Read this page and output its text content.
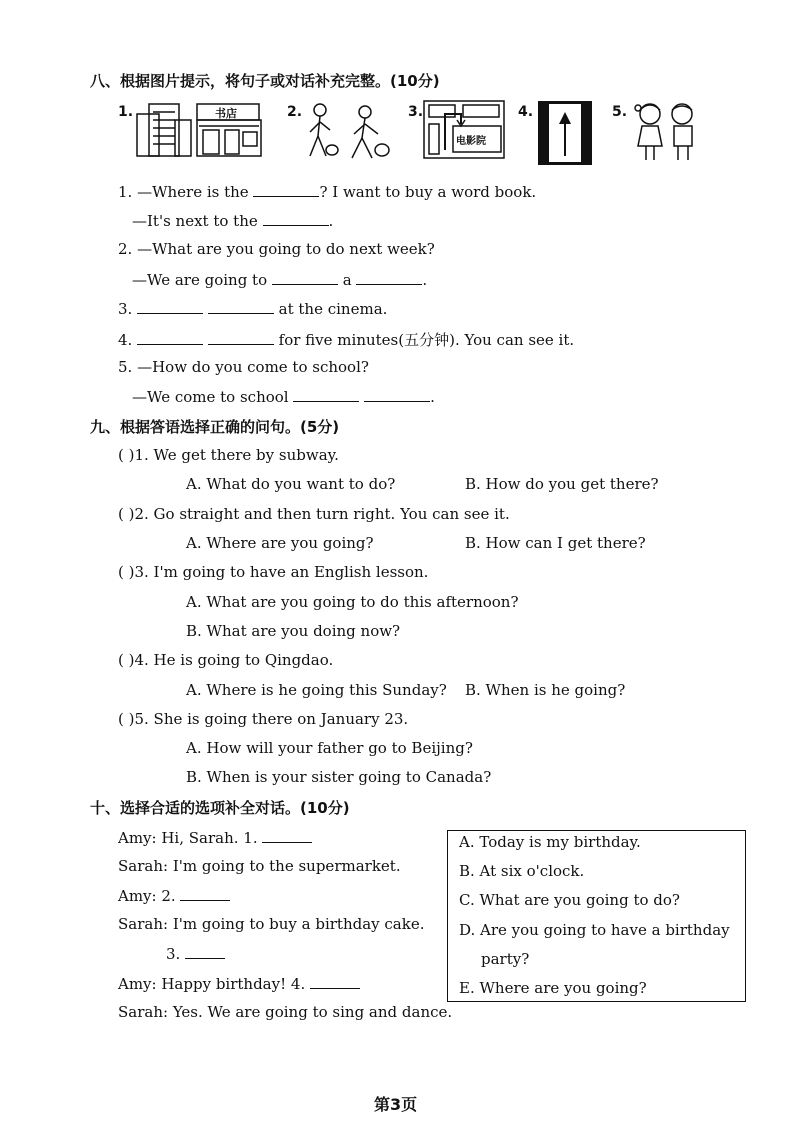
八、根据图片提示，将句子或对话补充完整。(10分)
1.	2.	3.	4.	5.
书店
电影院
1. —Where is the	? I want to buy a word book.
—It's next to the	.
2. —What are you going to do next week?
—We are going to	a	.
3.	at the cinema.
4.	for five minutes(五分钟). You can see it.
5. —How do you come to school?
—We come to school	.
九、根据答语选择正确的问句。(5分)
( )1. We get there by subway.
A. What do you want to do?	B. How do you get there?
( )2. Go straight and then turn right. You can see it.
A. Where are you going?	B. How can I get there?
( )3. I'm going to have an English lesson.
A. What are you going to do this afternoon?
B. What are you doing now?
( )4. He is going to Qingdao.
A. Where is he going this Sunday? B. When is he going?
( )5. She is going there on January 23.
A. How will your father go to Beijing?
B. When is your sister going to Canada?
十、选择合适的选项补全对话。(10分)
Amy: Hi, Sarah. 1.
Sarah: I'm going to the supermarket.
Amy: 2.
Sarah: I'm going to buy a birthday cake.
3.
Amy: Happy birthday! 4.
Sarah: Yes. We are going to sing and dance.
A. Today is my birthday.
B. At six o'clock.
C. What are you going to do?
D. Are you going to have a birthday
party?
E. Where are you going?
第3页
